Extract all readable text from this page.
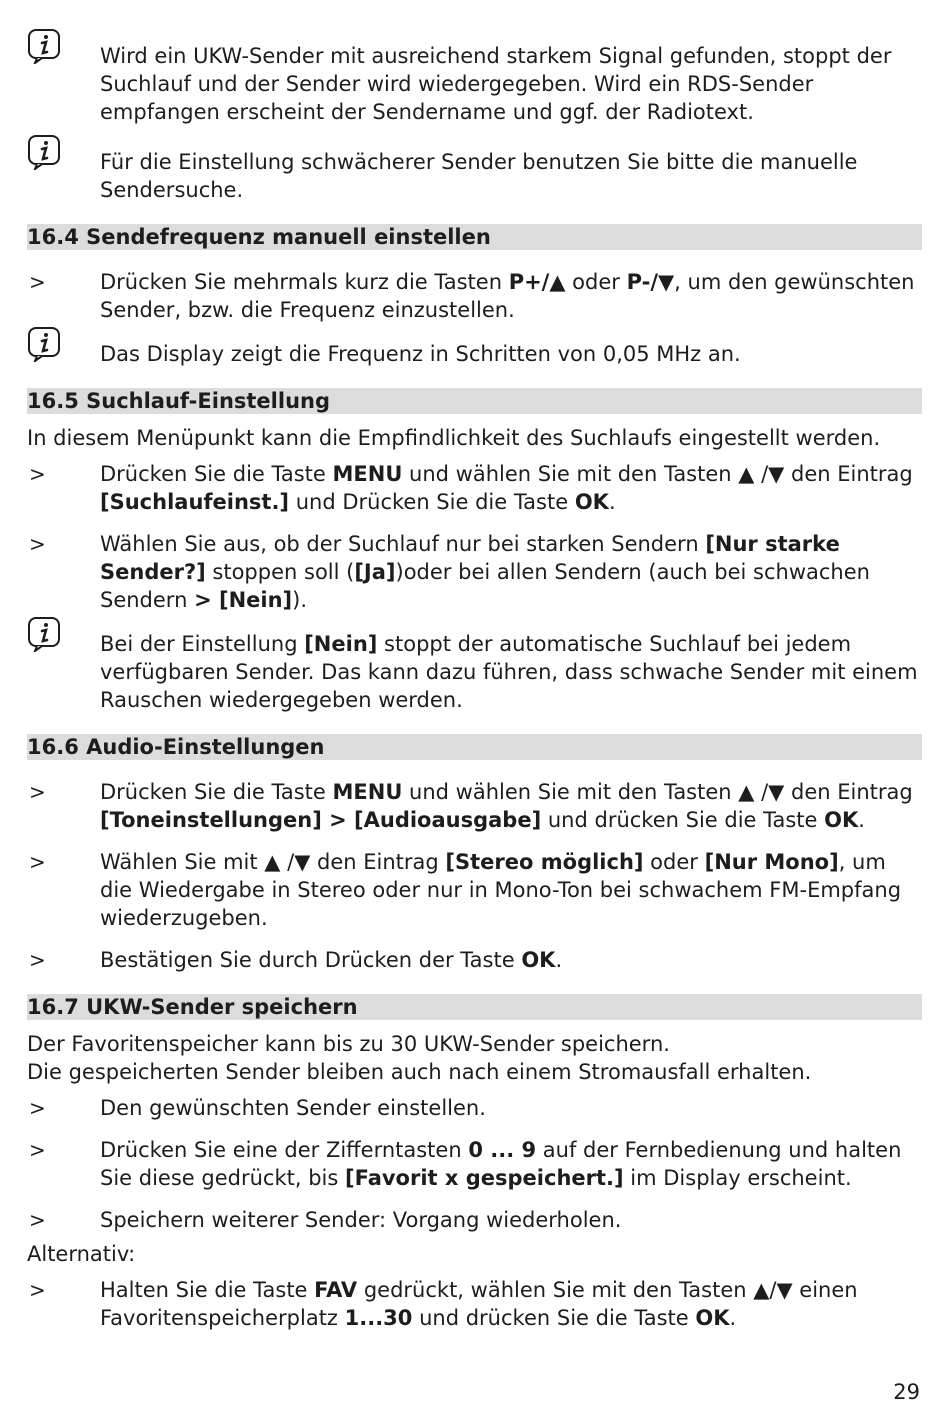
Wird ein UKW-Sender mit ausreichend starkem Signal gefunden, stoppt der Suchlauf und der Sender wird wiedergegeben. Wird ein RDS-Sender empfangen erscheint der Sendername und ggf. der Radiotext.
Für die Einstellung schwächerer Sender benutzen Sie bitte die manuelle Sendersuche.
16.4 Sendefrequenz manuell einstellen
>	Drücken Sie mehrmals kurz die Tasten P+/▲ oder P-/▼, um den gewünschten Sender, bzw. die Frequenz einzustellen.
Das Display zeigt die Frequenz in Schritten von 0,05 MHz an.
16.5 Suchlauf-Einstellung
In diesem Menüpunkt kann die Empfindlichkeit des Suchlaufs eingestellt werden.
>	Drücken Sie die Taste MENU und wählen Sie mit den Tasten ▲ /▼ den Eintrag [Suchlaufeinst.] und Drücken Sie die Taste OK.
>	Wählen Sie aus, ob der Suchlauf nur bei starken Sendern [Nur starke Sender?] stoppen soll ([Ja])oder bei allen Sendern (auch bei schwachen Sendern > [Nein]).
Bei der Einstellung [Nein] stoppt der automatische Suchlauf bei jedem verfügbaren Sender. Das kann dazu führen, dass schwache Sender mit einem Rauschen wiedergegeben werden.
16.6 Audio-Einstellungen
>	Drücken Sie die Taste MENU und wählen Sie mit den Tasten ▲ /▼ den Eintrag [Toneinstellungen] > [Audioausgabe] und drücken Sie die Taste OK.
>	Wählen Sie mit ▲ /▼ den Eintrag [Stereo möglich] oder [Nur Mono], um die Wiedergabe in Stereo oder nur in Mono-Ton bei schwachem FM-Empfang wiederzugeben.
>	Bestätigen Sie durch Drücken der Taste OK.
16.7 UKW-Sender speichern
Der Favoritenspeicher kann bis zu 30 UKW-Sender speichern.
Die gespeicherten Sender bleiben auch nach einem Stromausfall erhalten.
>	Den gewünschten Sender einstellen.
>	Drücken Sie eine der Zifferntasten 0 ... 9 auf der Fernbedienung und halten Sie diese gedrückt, bis [Favorit x gespeichert.] im Display erscheint.
>	Speichern weiterer Sender: Vorgang wiederholen.
Alternativ:
>	Halten Sie die Taste FAV gedrückt, wählen Sie mit den Tasten ▲/▼ einen Favoritenspeicherplatz 1...30 und drücken Sie die Taste OK.
29
